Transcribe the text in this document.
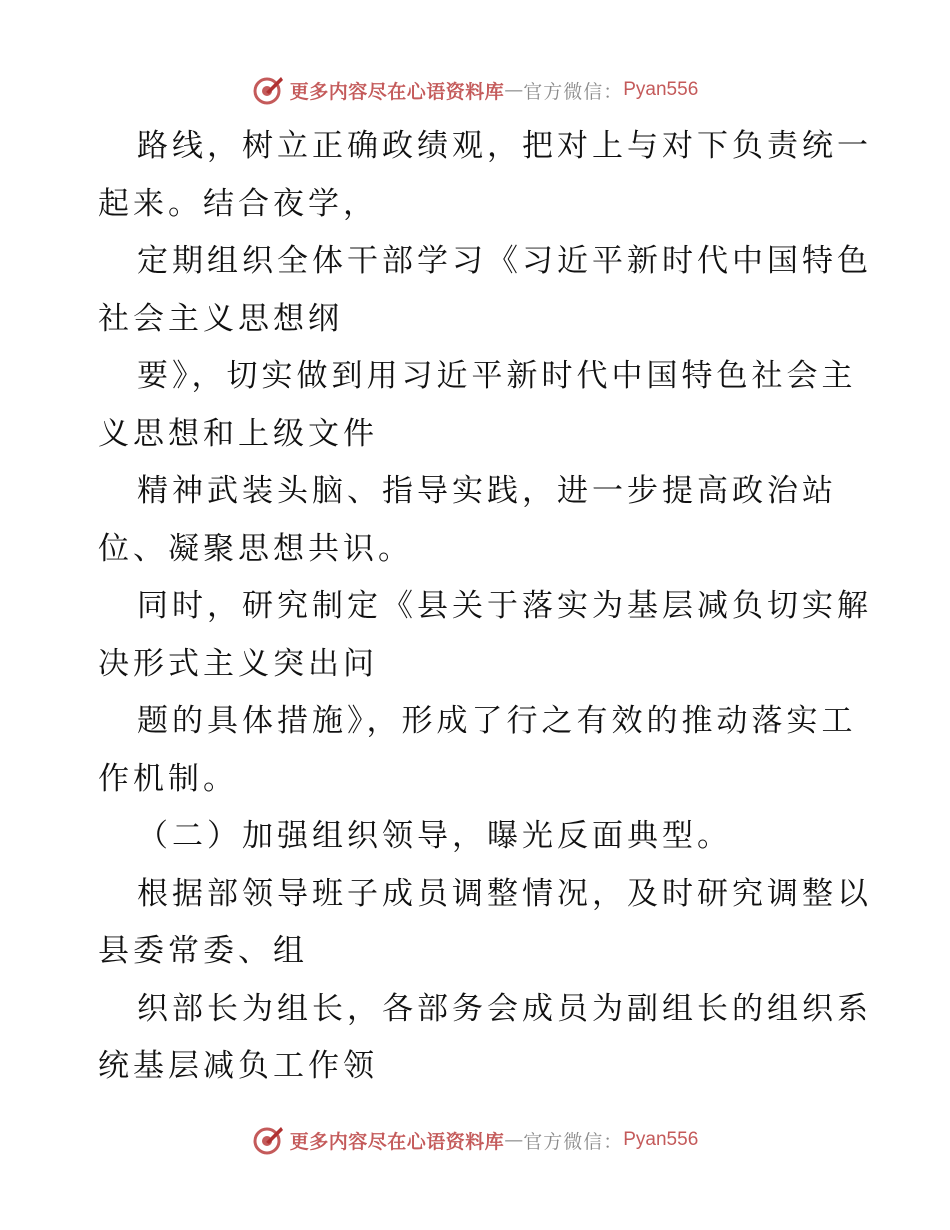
更多内容尽在心语资料库 — 官方微信： Pyan556
路线，树立正确政绩观，把对上与对下负责统一
起来。结合夜学，
定期组织全体干部学习《习近平新时代中国特色
社会主义思想纲
要》，切实做到用习近平新时代中国特色社会主
义思想和上级文件
精神武装头脑、指导实践，进一步提高政治站
位、凝聚思想共识。
同时，研究制定《县关于落实为基层减负切实解
决形式主义突出问
题的具体措施》，形成了行之有效的推动落实工
作机制。
（二）加强组织领导，曝光反面典型。
根据部领导班子成员调整情况，及时研究调整以
县委常委、组
织部长为组长，各部务会成员为副组长的组织系
统基层减负工作领
更多内容尽在心语资料库 — 官方微信： Pyan556
